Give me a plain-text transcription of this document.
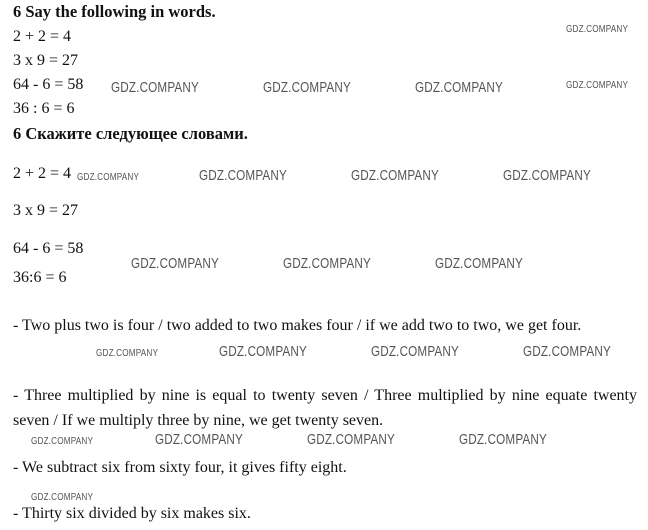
6 Say the following in words.
2 + 2 = 4
3 x 9 = 27
64 - 6 = 58
36 : 6 = 6
6 Скажите следующее словами.
2 + 2 = 4
3 x 9 = 27
64 - 6 = 58
36:6 = 6
- Two plus two is four / two added to two makes four / if we add two to two, we get four.
- Three multiplied by nine is equal to twenty seven / Three multiplied by nine equate twenty seven / If we multiply three by nine, we get twenty seven.
- We subtract six from sixty four, it gives fifty eight.
- Thirty six divided by six makes six.
GDZ.COMPANY
GDZ.COMPANY	GDZ.COMPANY	GDZ.COMPANY	GDZ.COMPANY
GDZ.COMPANY	GDZ.COMPANY	GDZ.COMPANY	GDZ.COMPANY
GDZ.COMPANY	GDZ.COMPANY	GDZ.COMPANY
GDZ.COMPANY	GDZ.COMPANY	GDZ.COMPANY	GDZ.COMPANY
GDZ.COMPANY	GDZ.COMPANY	GDZ.COMPANY	GDZ.COMPANY
GDZ.COMPANY
